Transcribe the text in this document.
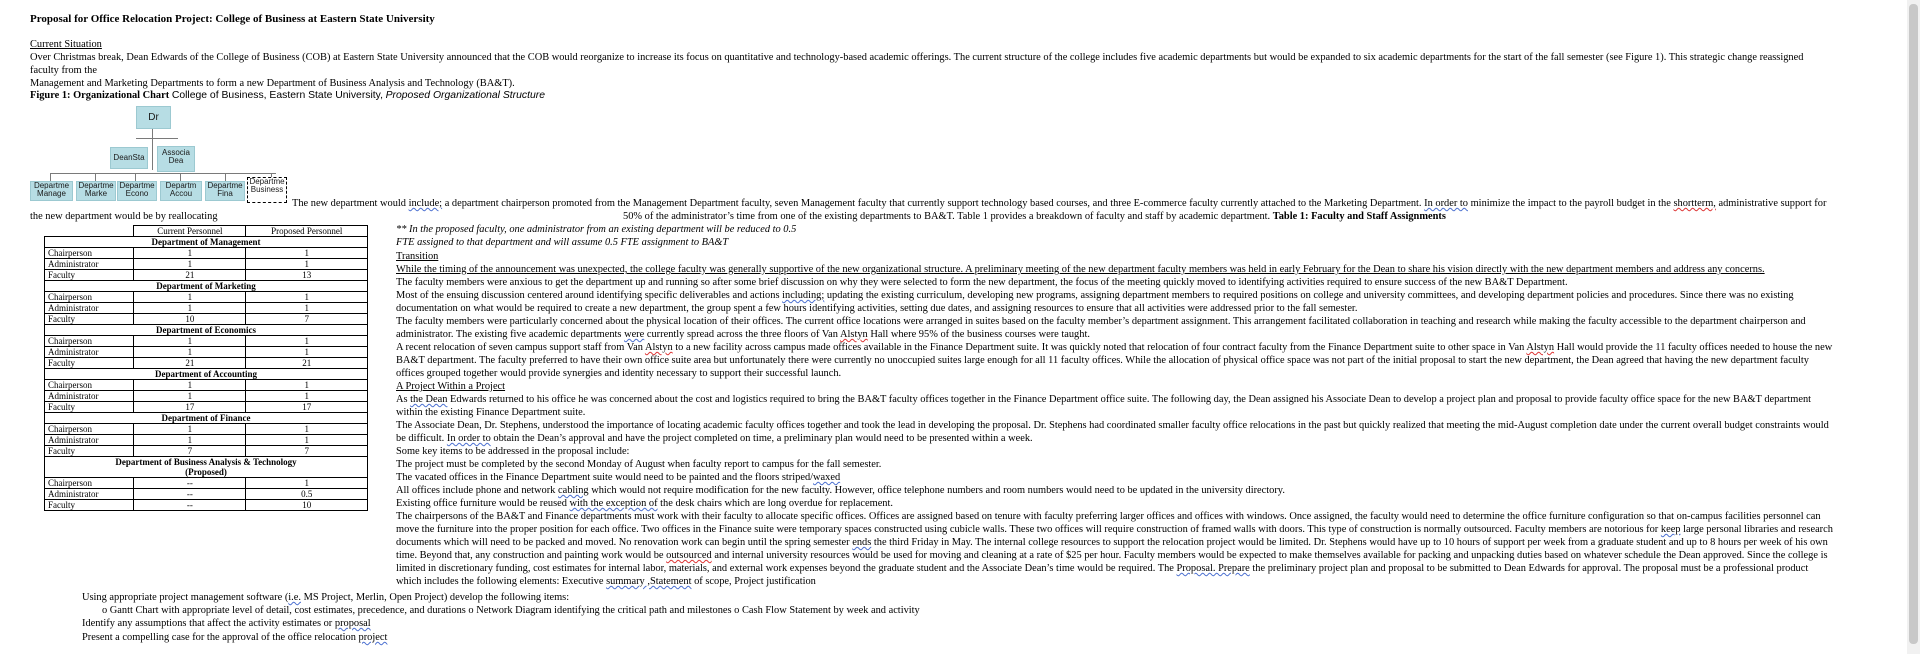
Proposal for Office Relocation Project: College of Business at Eastern State University
Current Situation
Over Christmas break, Dean Edwards of the College of Business (COB) at Eastern State University announced that the COB would reorganize to increase its focus on quantitative and technology-based academic offerings. The current structure of the college includes five academic departments but would be expanded to six academic departments for the start of the fall semester (see Figure 1). This strategic change reassigned
faculty from the
Management and Marketing Departments to form a new Department of Business Analysis and Technology (BA&T).
Figure 1: Organizational Chart College of Business, Eastern State University, Proposed Organizational Structure
Dr
DeanSta
Associa Dea
Departme Manage
Departme Marke
Departme Econo
Departm Accou
Departme Fina
Departme Business
The new department would include; a department chairperson promoted from the Management Department faculty, seven Management faculty that currently support technology based courses, and three E-commerce faculty currently attached to the Marketing Department. In order to minimize the impact to the payroll budget in the shortterm, administrative support for
the new department would be by reallocating	50% of the administrator’s time from one of the existing departments to BA&T. Table 1 provides a breakdown of faculty and staff by academic department. Table 1: Faculty and Staff Assignments
	Current Personnel	Proposed Personnel

Department of Management		

Chairperson	1	1
Administrator	1	1
Faculty	21	13

Department of Marketing		

Chairperson	1	1
Administrator	1	1
Faculty	10	7

Department of Economics		

Chairperson	1	1
Administrator	1	1
Faculty	21	21

Department of Accounting		

Chairperson	1	1
Administrator	1	1
Faculty	17	17

Department of Finance		

Chairperson	1	1
Administrator	1	1
Faculty	7	7

Department of Business Analysis & Technology
(Proposed)		

Chairperson	--	1
Administrator	--	0.5
Faculty	--	10
** In the proposed faculty, one administrator from an existing department will be reduced to 0.5
FTE assigned to that department and will assume 0.5 FTE assignment to BA&T
Transition
While the timing of the announcement was unexpected, the college faculty was generally supportive of the new organizational structure. A preliminary meeting of the new department faculty members was held in early February for the Dean to share his vision directly with the new department members and address any concerns.
The faculty members were anxious to get the department up and running so after some brief discussion on why they were selected to form the new department, the focus of the meeting quickly moved to identifying activities required to ensure success of the new BA&T Department.
Most of the ensuing discussion centered around identifying specific deliverables and actions including; updating the existing curriculum, developing new programs, assigning department members to required positions on college and university committees, and developing department policies and procedures. Since there was no existing
documentation on what would be required to create a new department, the group spent a few hours identifying activities, setting due dates, and assigning resources to ensure that all activities were addressed prior to the fall semester.
The faculty members were particularly concerned about the physical location of their offices. The current office locations were arranged in suites based on the faculty member’s department assignment. This arrangement facilitated collaboration in teaching and research while making the faculty accessible to the department chairperson and
administrator. The existing five academic departments were currently spread across the three floors of Van Alstyn Hall where 95% of the business courses were taught.
A recent relocation of seven campus support staff from Van Alstyn to a new facility across campus made offices available in the Finance Department suite. It was quickly noted that relocation of four contract faculty from the Finance Department suite to other space in Van Alstyn Hall would provide the 11 faculty offices needed to house the new
BA&T department. The faculty preferred to have their own office suite area but unfortunately there were currently no unoccupied suites large enough for all 11 faculty offices. While the allocation of physical office space was not part of the initial proposal to start the new department, the Dean agreed that having the new department faculty
offices grouped together would provide synergies and identity necessary to support their successful launch.
A Project Within a Project
As the Dean Edwards returned to his office he was concerned about the cost and logistics required to bring the BA&T faculty offices together in the Finance Department office suite. The following day, the Dean assigned his Associate Dean to develop a project plan and proposal to provide faculty office space for the new BA&T department
within the existing Finance Department suite.
The Associate Dean, Dr. Stephens, understood the importance of locating academic faculty offices together and took the lead in developing the proposal. Dr. Stephens had coordinated smaller faculty office relocations in the past but quickly realized that meeting the mid-August completion date under the current overall budget constraints would
be difficult. In order to obtain the Dean’s approval and have the project completed on time, a preliminary plan would need to be presented within a week.
Some key items to be addressed in the proposal include:
The project must be completed by the second Monday of August when faculty report to campus for the fall semester.
The vacated offices in the Finance Department suite would need to be painted and the floors striped/waxed
All offices include phone and network cabling which would not require modification for the new faculty. However, office telephone numbers and room numbers would need to be updated in the university directory.
Existing office furniture would be reused with the exception of the desk chairs which are long overdue for replacement.
The chairpersons of the BA&T and Finance departments must work with their faculty to allocate specific offices. Offices are assigned based on tenure with faculty preferring larger offices and offices with windows. Once assigned, the faculty would need to determine the office furniture configuration so that on-campus facilities personnel can
move the furniture into the proper position for each office. Two offices in the Finance suite were temporary spaces constructed using cubicle walls. These two offices will require construction of framed walls with doors. This type of construction is normally outsourced. Faculty members are notorious for keep large personal libraries and research
documents which will need to be packed and moved. No renovation work can begin until the spring semester ends the third Friday in May. The internal college resources to support the relocation project would be limited. Dr. Stephens would have up to 10 hours of support per week from a graduate student and up to 8 hours per week of his own
time. Beyond that, any construction and painting work would be outsourced and internal university resources would be used for moving and cleaning at a rate of $25 per hour. Faculty members would be expected to make themselves available for packing and unpacking duties based on whatever schedule the Dean approved. Since the college is
limited in discretionary funding, cost estimates for internal labor, materials, and external work expenses beyond the graduate student and the Associate Dean’s time would be required. The Proposal. Prepare the preliminary project plan and proposal to be submitted to Dean Edwards for approval. The proposal must be a professional product
which includes the following elements: Executive summary ,Statement of scope, Project justification
Using appropriate project management software (i.e. MS Project, Merlin, Open Project) develop the following items:
o Gantt Chart with appropriate level of detail, cost estimates, precedence, and durations o Network Diagram identifying the critical path and milestones o Cash Flow Statement by week and activity
Identify any assumptions that affect the activity estimates or proposal
Present a compelling case for the approval of the office relocation project
